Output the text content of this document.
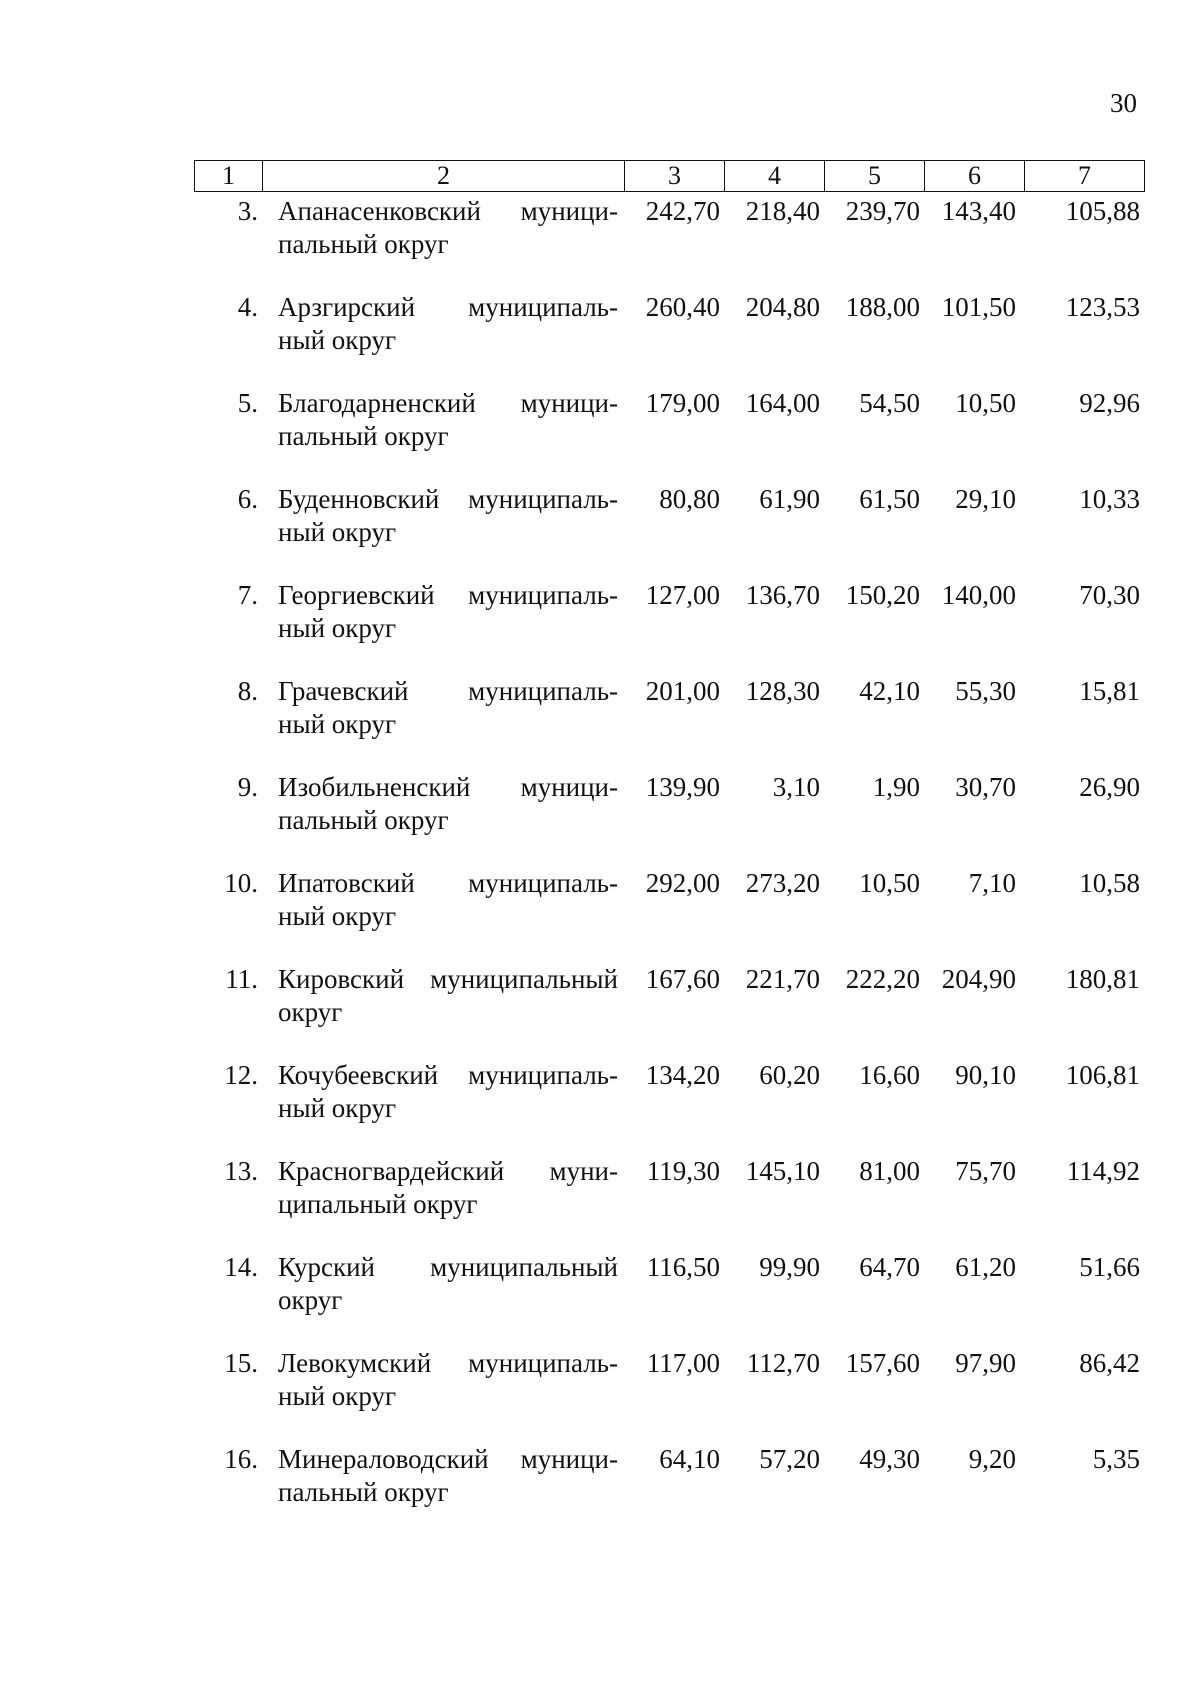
30
1	2	3	4	5	6	7
3. Апанасенковский муници-
пальный округ
242,70 218,40 239,70 143,40	105,88
4. Арзгирский муниципаль-
ный округ
260,40 204,80 188,00 101,50	123,53
5. Благодарненский муници-
пальный округ
179,00 164,00	54,50	10,50	92,96
6. Буденновский муниципаль-
ный округ
80,80	61,90	61,50	29,10	10,33
7. Георгиевский муниципаль-
ный округ
127,00 136,70 150,20 140,00	70,30
8. Грачевский муниципаль-
ный округ
201,00 128,30	42,10	55,30	15,81
9. Изобильненский муници-
пальный округ
139,90	3,10	1,90	30,70	26,90
10. Ипатовский муниципаль-
ный округ
292,00 273,20	10,50	7,10	10,58
11. Кировский муниципальный
округ
167,60 221,70 222,20 204,90	180,81
12. Кочубеевский муниципаль-
ный округ
134,20	60,20	16,60	90,10	106,81
13. Красногвардейский муни-
ципальный округ
119,30 145,10	81,00	75,70	114,92
14. Курский муниципальный
округ
116,50	99,90	64,70	61,20	51,66
15. Левокумский муниципаль-
ный округ
117,00 112,70 157,60	97,90	86,42
16. Минераловодский муници-
пальный округ
64,10	57,20	49,30	9,20	5,35
